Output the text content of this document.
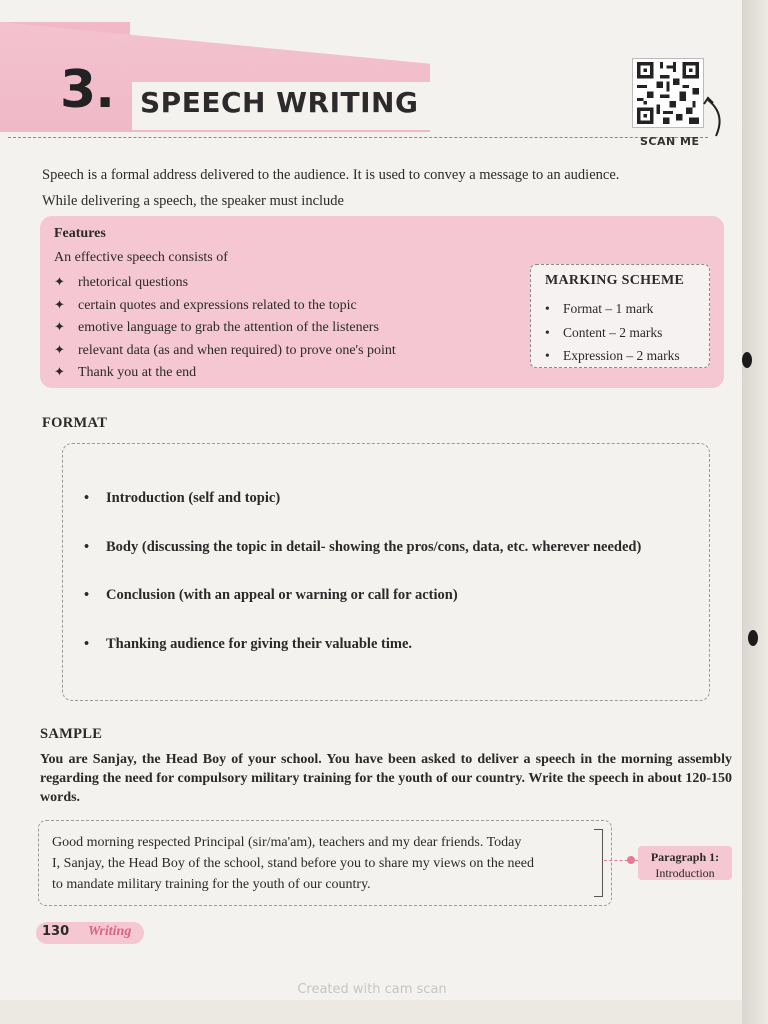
3. SPEECH WRITING
SCAN ME

Speech is a formal address delivered to the audience. It is used to convey a message to an audience.

While delivering a speech, the speaker must include

Features
An effective speech consists of
✦ rhetorical questions
✦ certain quotes and expressions related to the topic
✦ emotive language to grab the attention of the listeners
✦ relevant data (as and when required) to prove one's point
✦ Thank you at the end
MARKING SCHEME
• Format – 1 mark
• Content – 2 marks
• Expression – 2 marks
FORMAT
• Introduction (self and topic)
• Body (discussing the topic in detail- showing the pros/cons, data, etc. wherever needed)
• Conclusion (with an appeal or warning or call for action)
• Thanking audience for giving their valuable time.
SAMPLE
You are Sanjay, the Head Boy of your school. You have been asked to deliver a speech in the morning assembly regarding the need for compulsory military training for the youth of our country. Write the speech in about 120-150 words.
Good morning respected Principal (sir/ma'am), teachers and my dear friends. Today
I, Sanjay, the Head Boy of the school, stand before you to share my views on the need
to mandate military training for the youth of our country.
Paragraph 1:
Introduction
130 Writing
Created with cam scan
